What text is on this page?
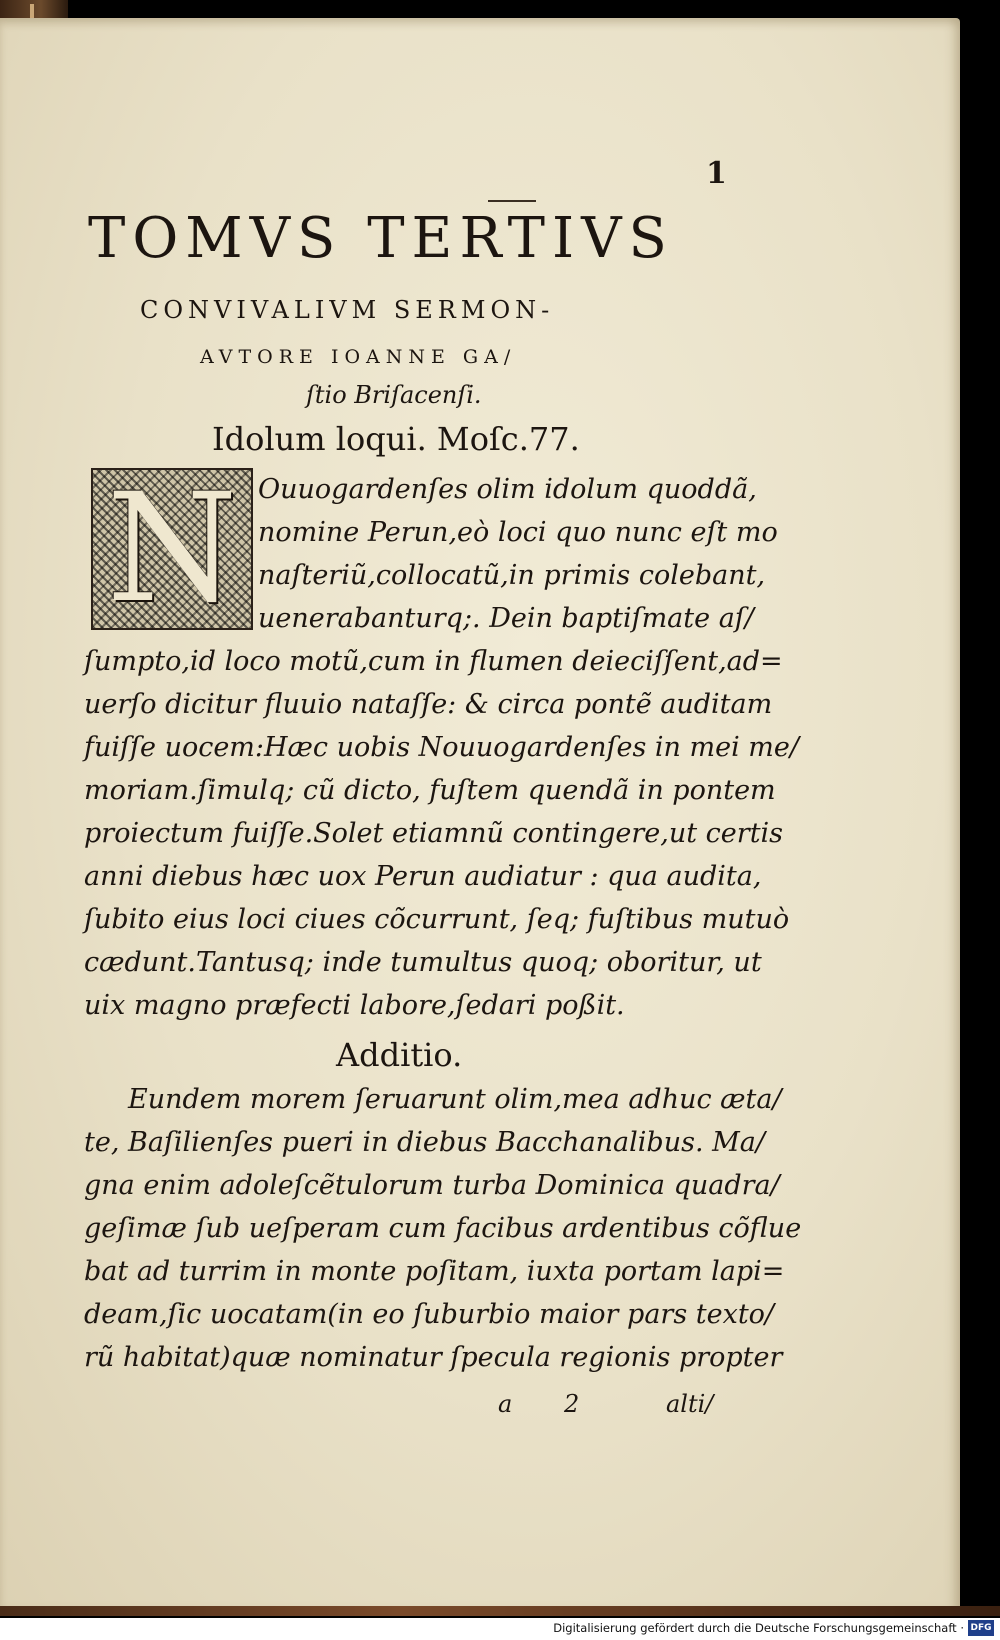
1
TOMVS TERTIVS
CONVIVALIVM SERMON-
AVTORE IOANNE GA/
ſtio Briſacenſi.
Idolum loqui. Moſc.77.
N Ouuogardenſes olim idolum quoddã,
nomine Perun,eò loci quo nunc eſt mo
naſteriũ,collocatũ,in primis colebant,
uenerabanturq;. Dein baptiſmate aſ/
ſumpto,id loco motũ,cum in flumen deieciſſent,ad=
uerſo dicitur fluuio nataſſe: & circa pontẽ auditam
fuiſſe uocem:Hæc uobis Nouuogardenſes in mei me/
moriam.ſimulq; cũ dicto, fuſtem quendã in pontem
proiectum fuiſſe.Solet etiamnũ contingere,ut certis
anni diebus hæc uox Perun audiatur : qua audita,
ſubito eius loci ciues cõcurrunt, ſeq; fuſtibus mutuò
cædunt.Tantusq; inde tumultus quoq; oboritur, ut
uix magno præfecti labore,ſedari poßit.
Additio.
Eundem morem ſeruarunt olim,mea adhuc ætа/
te, Baſilienſes pueri in diebus Bacchanalibus. Ma/
gna enim adoleſcẽtulorum turba Dominica quadra/
geſimæ ſub ueſperam cum facibus ardentibus cõflue
bat ad turrim in monte poſitam, iuxta portam lapi=
deam,ſic uocatam(in eo ſuburbio maior pars texto/
rũ habitat)quæ nominatur ſpecula regionis propter
a 2	alti/
Digitalisierung gefördert durch die Deutsche Forschungsgemeinschaft · DFG
